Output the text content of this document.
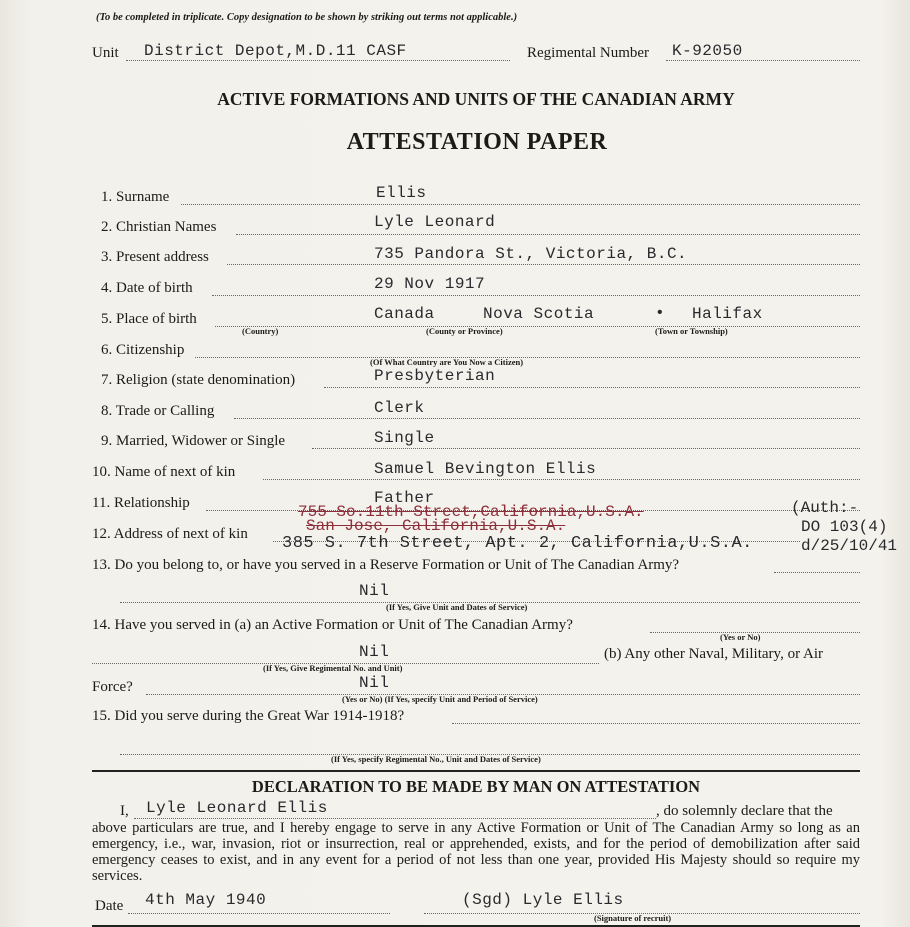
(To be completed in triplicate. Copy designation to be shown by striking out terms not applicable.)
Unit District Depot,M.D.11 CASF	Regimental Number K-92050
ACTIVE FORMATIONS AND UNITS OF THE CANADIAN ARMY
ATTESTATION PAPER
1. Surname	Ellis
2. Christian Names	Lyle Leonard
3. Present address	735 Pandora St., Victoria, B.C.
4. Date of birth	29 Nov 1917
5. Place of birth	Canada	Nova Scotia	• Halifax
(Country)	(County or Province)	(Town or Township)
6. Citizenship
(Of What Country are You Now a Citizen)
7. Religion (state denomination)	Presbyterian
8. Trade or Calling	Clerk
9. Married, Widower or Single	Single
10. Name of next of kin	Samuel Bevington Ellis
11. Relationship	Father
755 So.11th Street,California,U.S.A.
San Jose, California,U.S.A.
(Auth:-
DO 103(4)
d/25/10/41
12. Address of next of kin 385 S. 7th Street, Apt. 2, California,U.S.A.
13. Do you belong to, or have you served in a Reserve Formation or Unit of The Canadian Army?
Nil
(If Yes, Give Unit and Dates of Service)
14. Have you served in (a) an Active Formation or Unit of The Canadian Army?
(Yes or No)
Nil
(If Yes, Give Regimental No. and Unit)
(b) Any other Naval, Military, or Air
Force?	Nil
(Yes or No) (If Yes, specify Unit and Period of Service)
15. Did you serve during the Great War 1914-1918?
(If Yes, specify Regimental No., Unit and Dates of Service)
DECLARATION TO BE MADE BY MAN ON ATTESTATION
I, Lyle Leonard Ellis	, do solemnly declare that the
above particulars are true, and I hereby engage to serve in any Active Formation or Unit of The Canadian Army so long as an emergency, i.e., war, invasion, riot or insurrection, real or apprehended, exists, and for the period of demobilization after said emergency ceases to exist, and in any event for a period of not less than one year, provided His Majesty should so require my services.
Date 4th May 1940	(Sgd) Lyle Ellis
(Signature of recruit)
